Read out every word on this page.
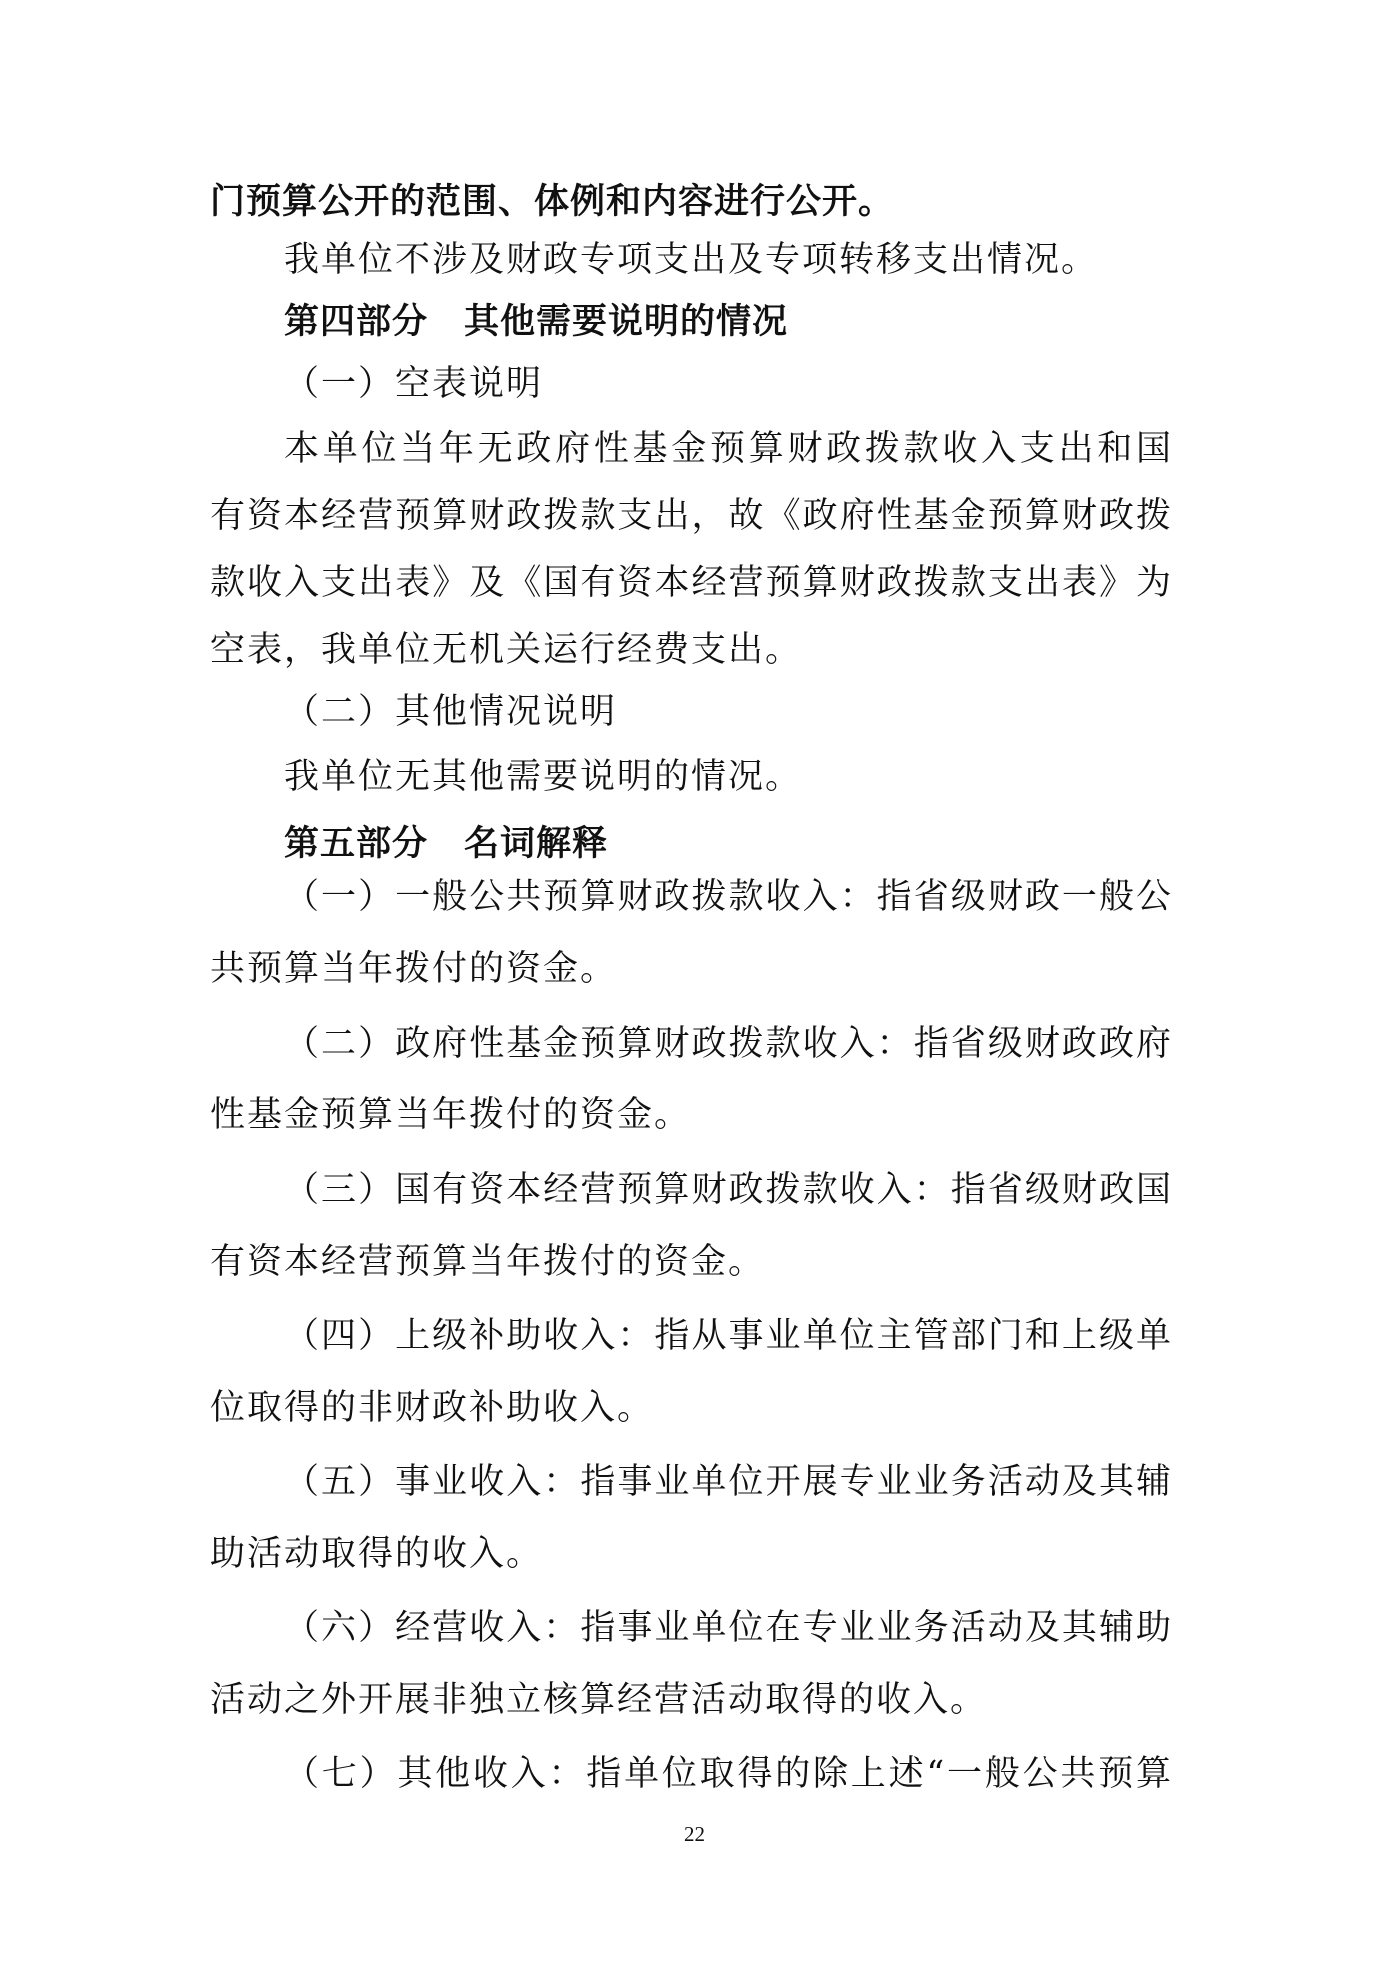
门预算公开的范围、体例和内容进行公开。
我单位不涉及财政专项支出及专项转移支出情况。
第四部分　其他需要说明的情况
（一）空表说明
本单位当年无政府性基金预算财政拨款收入支出和国
有资本经营预算财政拨款支出，故《政府性基金预算财政拨
款收入支出表》及《国有资本经营预算财政拨款支出表》为
空表，我单位无机关运行经费支出。
（二）其他情况说明
我单位无其他需要说明的情况。
第五部分　名词解释
（一）一般公共预算财政拨款收入：指省级财政一般公
共预算当年拨付的资金。
（二）政府性基金预算财政拨款收入：指省级财政政府
性基金预算当年拨付的资金。
（三）国有资本经营预算财政拨款收入：指省级财政国
有资本经营预算当年拨付的资金。
（四）上级补助收入：指从事业单位主管部门和上级单
位取得的非财政补助收入。
（五）事业收入：指事业单位开展专业业务活动及其辅
助活动取得的收入。
（六）经营收入：指事业单位在专业业务活动及其辅助
活动之外开展非独立核算经营活动取得的收入。
（七）其他收入：指单位取得的除上述“一般公共预算
22
